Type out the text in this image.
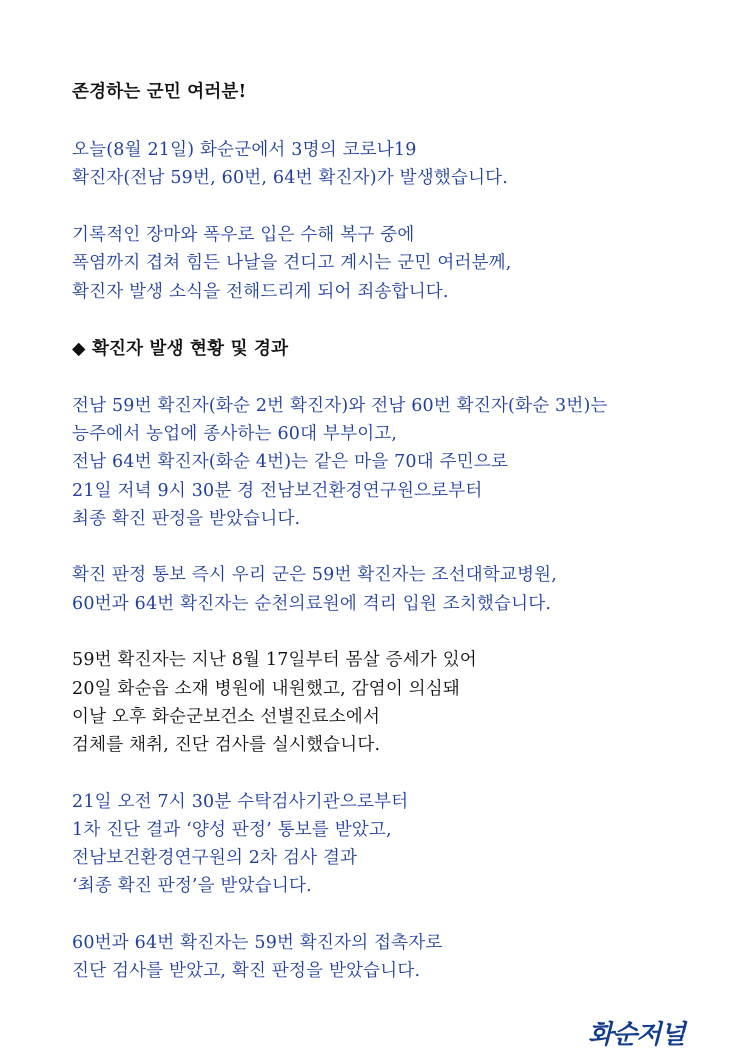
존경하는 군민 여러분!
오늘(8월 21일) 화순군에서 3명의 코로나19
확진자(전남 59번, 60번, 64번 확진자)가 발생했습니다.
기록적인 장마와 폭우로 입은 수해 복구 중에
폭염까지 겹쳐 힘든 나날을 견디고 계시는 군민 여러분께,
확진자 발생 소식을 전해드리게 되어 죄송합니다.
◆ 확진자 발생 현황 및 경과
전남 59번 확진자(화순 2번 확진자)와 전남 60번 확진자(화순 3번)는
능주에서 농업에 종사하는 60대 부부이고,
전남 64번 확진자(화순 4번)는 같은 마을 70대 주민으로
21일 저녁 9시 30분 경 전남보건환경연구원으로부터
최종 확진 판정을 받았습니다.
확진 판정 통보 즉시 우리 군은 59번 확진자는 조선대학교병원,
60번과 64번 확진자는 순천의료원에 격리 입원 조치했습니다.
59번 확진자는 지난 8월 17일부터 몸살 증세가 있어
20일 화순읍 소재 병원에 내원했고, 감염이 의심돼
이날 오후 화순군보건소 선별진료소에서
검체를 채취, 진단 검사를 실시했습니다.
21일 오전 7시 30분 수탁검사기관으로부터
1차 진단 결과 ‘양성 판정’ 통보를 받았고,
전남보건환경연구원의 2차 검사 결과
‘최종 확진 판정’을 받았습니다.
60번과 64번 확진자는 59번 확진자의 접촉자로
진단 검사를 받았고, 확진 판정을 받았습니다.
화순저널
